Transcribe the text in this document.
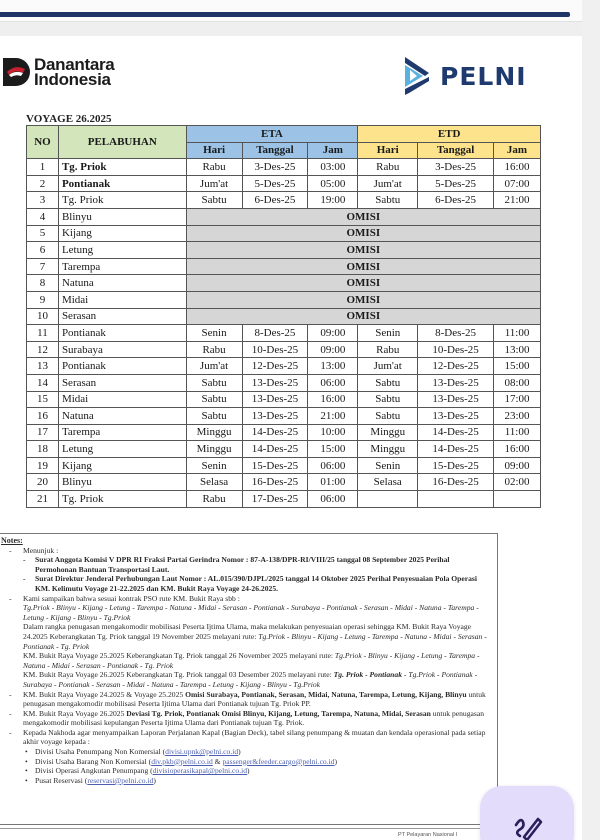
Danantara
Indonesia	PELNI
VOYAGE 26.2025
NO	PELABUHAN	ETA			ETD		
		Hari	Tanggal	Jam	Hari	Tanggal	Jam
1	Tg. Priok	Rabu	3-Des-25	03:00	Rabu	3-Des-25	16:00
2	Pontianak	Jum'at	5-Des-25	05:00	Jum'at	5-Des-25	07:00
3	Tg. Priok	Sabtu	6-Des-25	19:00	Sabtu	6-Des-25	21:00
4	Blinyu	OMISI					
5	Kijang	OMISI					
6	Letung	OMISI					
7	Tarempa	OMISI					
8	Natuna	OMISI					
9	Midai	OMISI					
10	Serasan	OMISI					
11	Pontianak	Senin	8-Des-25	09:00	Senin	8-Des-25	11:00
12	Surabaya	Rabu	10-Des-25	09:00	Rabu	10-Des-25	13:00
13	Pontianak	Jum'at	12-Des-25	13:00	Jum'at	12-Des-25	15:00
14	Serasan	Sabtu	13-Des-25	06:00	Sabtu	13-Des-25	08:00
15	Midai	Sabtu	13-Des-25	16:00	Sabtu	13-Des-25	17:00
16	Natuna	Sabtu	13-Des-25	21:00	Sabtu	13-Des-25	23:00
17	Tarempa	Minggu	14-Des-25	10:00	Minggu	14-Des-25	11:00
18	Letung	Minggu	14-Des-25	15:00	Minggu	14-Des-25	16:00
19	Kijang	Senin	15-Des-25	06:00	Senin	15-Des-25	09:00
20	Blinyu	Selasa	16-Des-25	01:00	Selasa	16-Des-25	02:00
21	Tg. Priok	Rabu	17-Des-25	06:00			
Notes:
- Menunjuk :
- Surat Anggota Komisi V DPR RI Fraksi Partai Gerindra Nomor : 87-A-138/DPR-RI/VIII/25 tanggal 08 September 2025 Perihal Permohonan Bantuan Transportasi Laut.
- Surat Direktur Jenderal Perhubungan Laut Nomor : AL.015/390/DJPL/2025 tanggal 14 Oktober 2025 Perihal Penyesuaian Pola Operasi KM. Kelimutu Voyage 21-22.2025 dan KM. Bukit Raya Voyage 24-26.2025.
- Kami sampaikan bahwa sesuai kontrak PSO rute KM. Bukit Raya sbb :
Tg.Priok - Blinyu - Kijang - Letung - Tarempa - Natuna - Midai - Serasan - Pontianak - Surabaya - Pontianak - Serasan - Midai - Natuna - Tarempa - Letung - Kijang - Blinyu - Tg.Priok
Dalam rangka penugasan mengakomodir mobilisasi Peserta Ijtima Ulama, maka melakukan penyesuaian operasi sehingga KM. Bukit Raya Voyage 24.2025 Keberangkatan Tg. Priok tanggal 19 November 2025 melayani rute: Tg.Priok - Blinyu - Kijang - Letung - Tarempa - Natuna - Midai - Serasan - Pontianak - Tg. Priok
KM. Bukit Raya Voyage 25.2025 Keberangkatan Tg. Priok tanggal 26 November 2025 melayani rute: Tg.Priok - Blinyu - Kijang - Letung - Tarempa - Natuna - Midai - Serasan - Pontianak - Tg. Priok
KM. Bukit Raya Voyage 26.2025 Keberangkatan Tg. Priok tanggal 03 Desember 2025 melayani rute: Tg. Priok - Pontianak - Tg.Priok - Pontianak - Surabaya - Pontianak - Serasan - Midai - Natuna - Tarempa - Letung - Kijang - Blinyu - Tg.Priok
- KM. Bukit Raya Voyage 24.2025 & Voyage 25.2025 Omisi Surabaya, Pontianak, Serasan, Midai, Natuna, Tarempa, Letung, Kijang, Blinyu untuk penugasan mengakomodir mobilisasi Peserta Ijtima Ulama dari Pontianak tujuan Tg. Priok PP.
- KM. Bukit Raya Voyage 26.2025 Deviasi Tg. Priok, Pontianak Omisi Blinyu, Kijang, Letung, Tarempa, Natuna, Midai, Serasan untuk penugasan mengakomodir mobilisasi kepulangan Peserta Ijtima Ulama dari Pontianak tujuan Tg. Priok.
- Kepada Nakhoda agar menyampaikan Laporan Perjalanan Kapal (Bagian Deck), tabel silang penumpang & muatan dan kendala operasional pada setiap akhir voyage kepada :
• Divisi Usaha Penumpang Non Komersial (divisi.upnk@pelni.co.id)
• Divisi Usaha Barang Non Komersial (div.pkb@pelni.co.id & passenger&feeder.cargo@pelni.co.id)
• Divisi Operasi Angkutan Penumpang (divisioperasikapal@pelni.co.id)
• Pusat Reservasi (reservasi@pelni.co.id)
PT Pelayaran Nasional I
